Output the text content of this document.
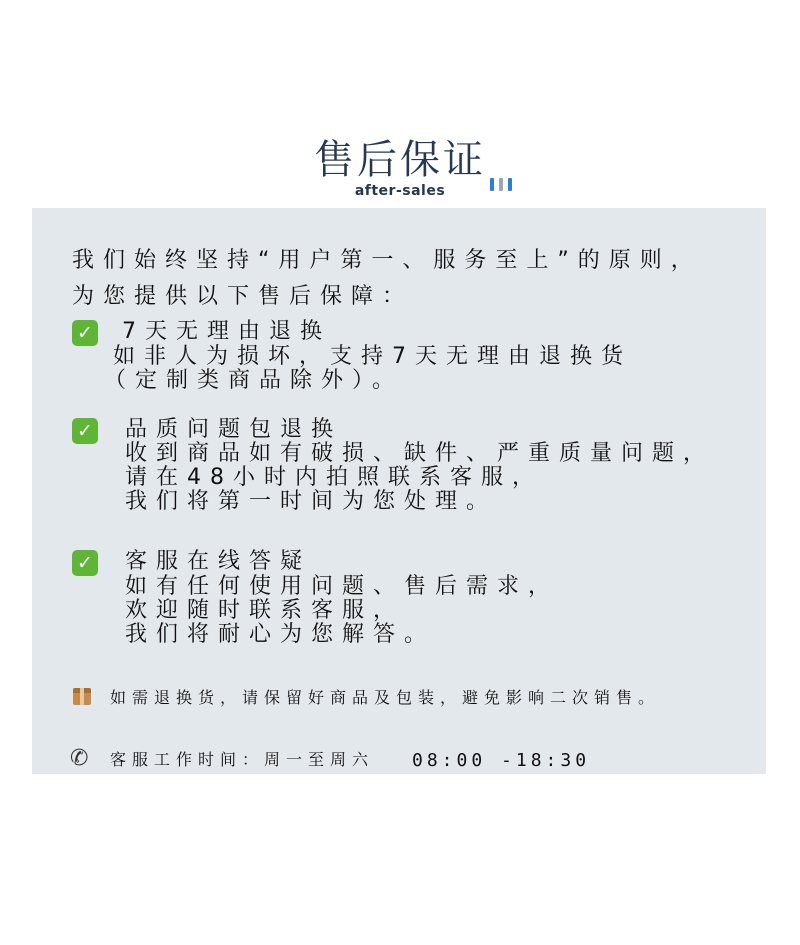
售后保证
after-sales
我们始终坚持“用户第一、服务至上”的原则，
为您提供以下售后保障：
✓ 7天无理由退换
如非人为损坏，支持7天无理由退换货
（定制类商品除外）。
✓ 品质问题包退换
收到商品如有破损、缺件、严重质量问题，
请在48小时内拍照联系客服，
我们将第一时间为您处理。
✓ 客服在线答疑
如有任何使用问题、售后需求，
欢迎随时联系客服，
我们将耐心为您解答。
如需退换货，请保留好商品及包装，避免影响二次销售。
✆ 客服工作时间：周一至周六 08:00 -18:30
